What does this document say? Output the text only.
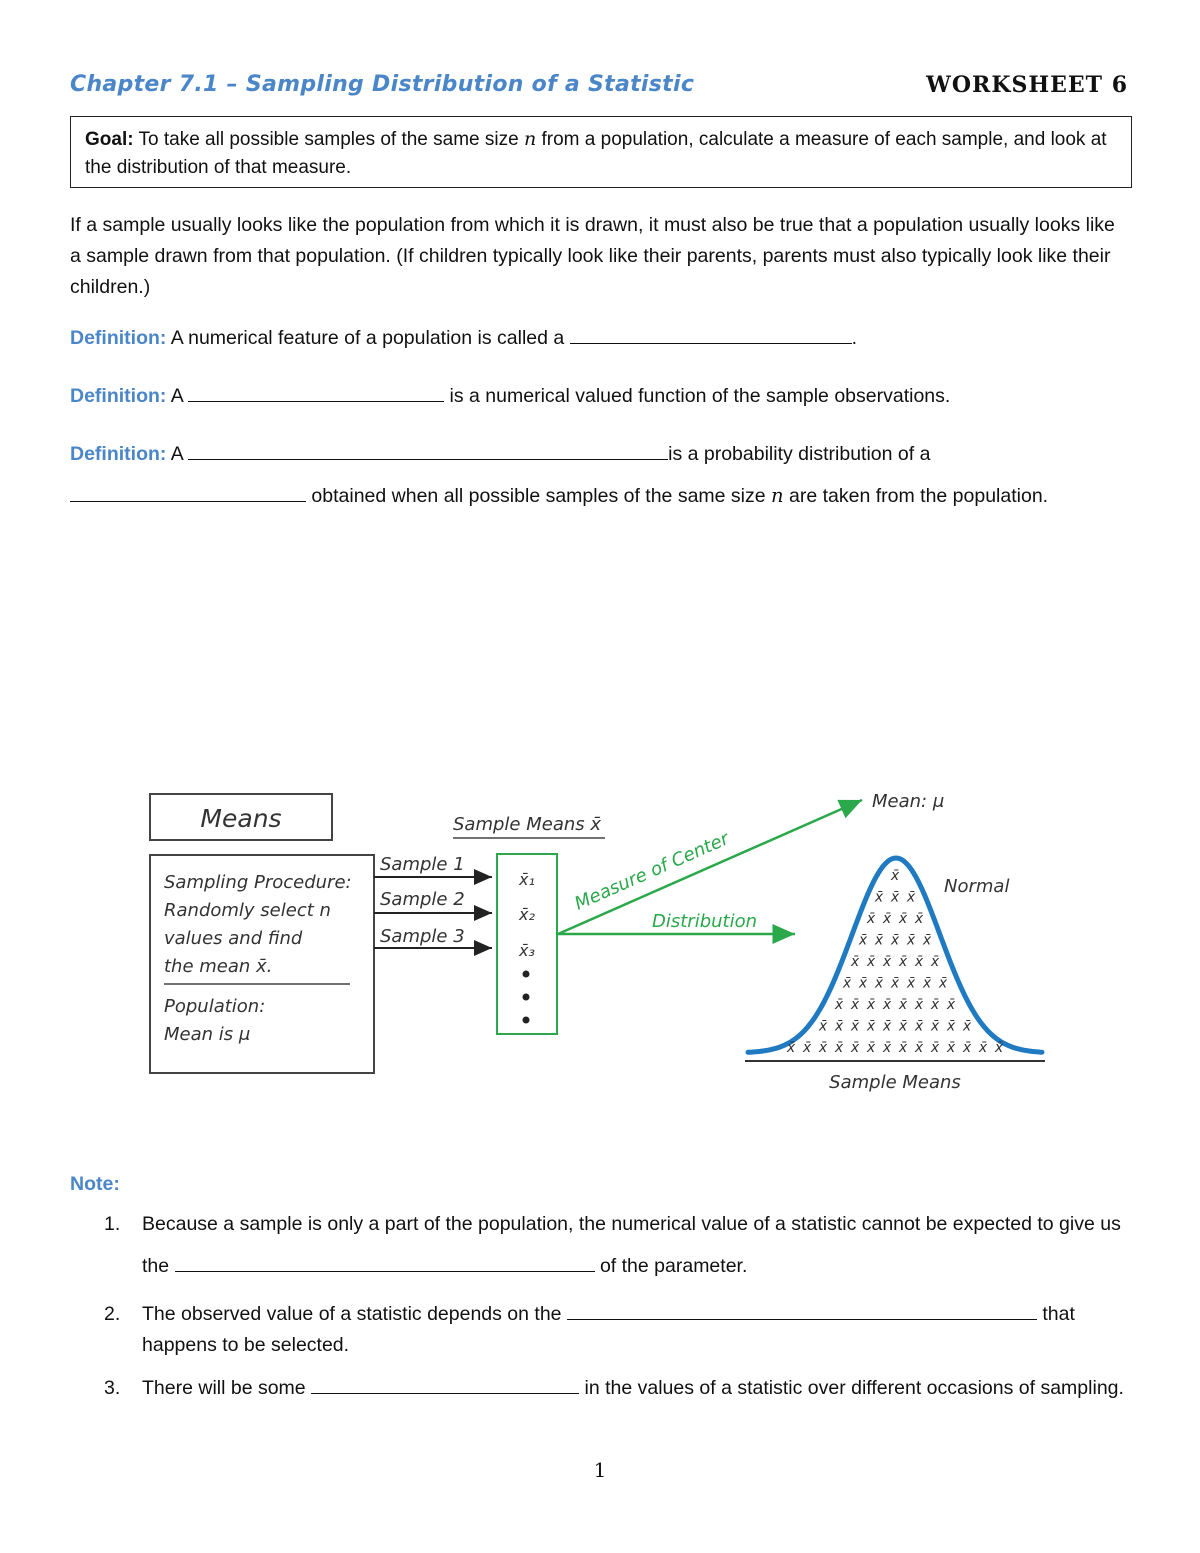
Chapter 7.1 – Sampling Distribution of a Statistic	WORKSHEET 6
Goal: To take all possible samples of the same size n from a population, calculate a measure of each sample, and look at the distribution of that measure.
If a sample usually looks like the population from which it is drawn, it must also be true that a population usually looks like a sample drawn from that population. (If children typically look like their parents, parents must also typically look like their children.)
Definition: A numerical feature of a population is called a	.
Definition: A	is a numerical valued function of the sample observations.
Definition: A	is a probability distribution of a
obtained when all possible samples of the same size n are taken from the population.
Means
Sampling Procedure:
Randomly select n
values and find
the mean x̄.
Population:
Mean is μ
Sample 1
Sample 2
Sample 3
Sample Means x̄
x̄₁
x̄₂
x̄₃
Measure of Center
Distribution
Mean: μ
Normal
x̄
x̄ x̄ x̄
x̄ x̄ x̄ x̄
x̄ x̄ x̄ x̄ x̄
x̄ x̄ x̄ x̄ x̄ x̄
x̄ x̄ x̄ x̄ x̄ x̄ x̄
x̄ x̄ x̄ x̄ x̄ x̄ x̄ x̄
x̄ x̄ x̄ x̄ x̄ x̄ x̄ x̄ x̄ x̄
x̄ x̄ x̄ x̄ x̄ x̄ x̄ x̄ x̄ x̄ x̄ x̄ x̄ x̄
Sample Means
Note:
1. Because a sample is only a part of the population, the numerical value of a statistic cannot be expected to give us the	of the parameter.
2. The observed value of a statistic depends on the	that happens to be selected.
3. There will be some	in the values of a statistic over different occasions of sampling.
1
